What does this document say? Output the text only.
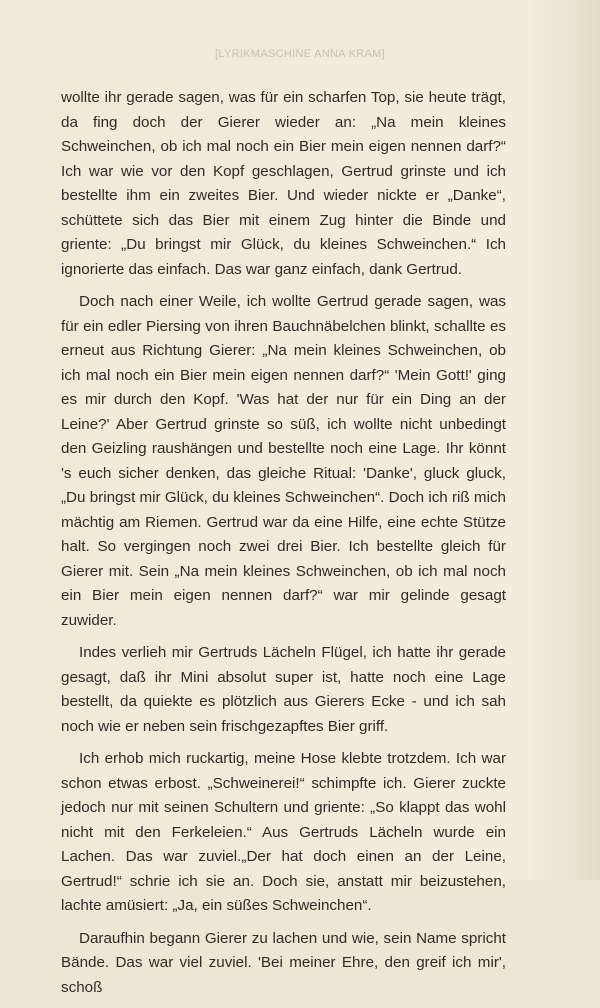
[LYRIKMASCHINE ANNA KRAM]

wollte ihr gerade sagen, was für ein scharfen Top, sie heute trägt, da fing doch der Gierer wieder an: „Na mein kleines Schweinchen, ob ich mal noch ein Bier mein eigen nennen darf?“ Ich war wie vor den Kopf geschlagen, Gertrud grinste und ich bestellte ihm ein zweites Bier. Und wieder nickte er „Danke“, schüttete sich das Bier mit einem Zug hinter die Binde und griente: „Du bringst mir Glück, du kleines Schweinchen.“ Ich ignorierte das einfach. Das war ganz einfach, dank Gertrud.

Doch nach einer Weile, ich wollte Gertrud gerade sagen, was für ein edler Piersing von ihren Bauchnäbelchen blinkt, schallte es erneut aus Richtung Gierer: „Na mein kleines Schweinchen, ob ich mal noch ein Bier mein eigen nennen darf?“ 'Mein Gott!' ging es mir durch den Kopf. 'Was hat der nur für ein Ding an der Leine?' Aber Gertrud grinste so süß, ich wollte nicht unbedingt den Geizling raushängen und bestellte noch eine Lage. Ihr könnt 's euch sicher denken, das gleiche Ritual: 'Danke', gluck gluck, „Du bringst mir Glück, du kleines Schweinchen“. Doch ich riß mich mächtig am Riemen. Gertrud war da eine Hilfe, eine echte Stütze halt. So vergingen noch zwei drei Bier. Ich bestellte gleich für Gierer mit. Sein „Na mein kleines Schweinchen, ob ich mal noch ein Bier mein eigen nennen darf?“ war mir gelinde gesagt zuwider.

Indes verlieh mir Gertruds Lächeln Flügel, ich hatte ihr gerade gesagt, daß ihr Mini absolut super ist, hatte noch eine Lage bestellt, da quiekte es plötzlich aus Gierers Ecke - und ich sah noch wie er neben sein frischgezapftes Bier griff.

Ich erhob mich ruckartig, meine Hose klebte trotzdem. Ich war schon etwas erbost. „Schweinerei!“ schimpfte ich. Gierer zuckte jedoch nur mit seinen Schultern und griente: „So klappt das wohl nicht mit den Ferkeleien.“ Aus Gertruds Lächeln wurde ein Lachen. Das war zuviel.„Der hat doch einen an der Leine, Gertrud!“ schrie ich sie an. Doch sie, anstatt mir beizustehen, lachte amüsiert: „Ja, ein süßes Schweinchen“.

Daraufhin begann Gierer zu lachen und wie, sein Name spricht Bände. Das war viel zuviel. 'Bei meiner Ehre, den greif ich mir', schoß
